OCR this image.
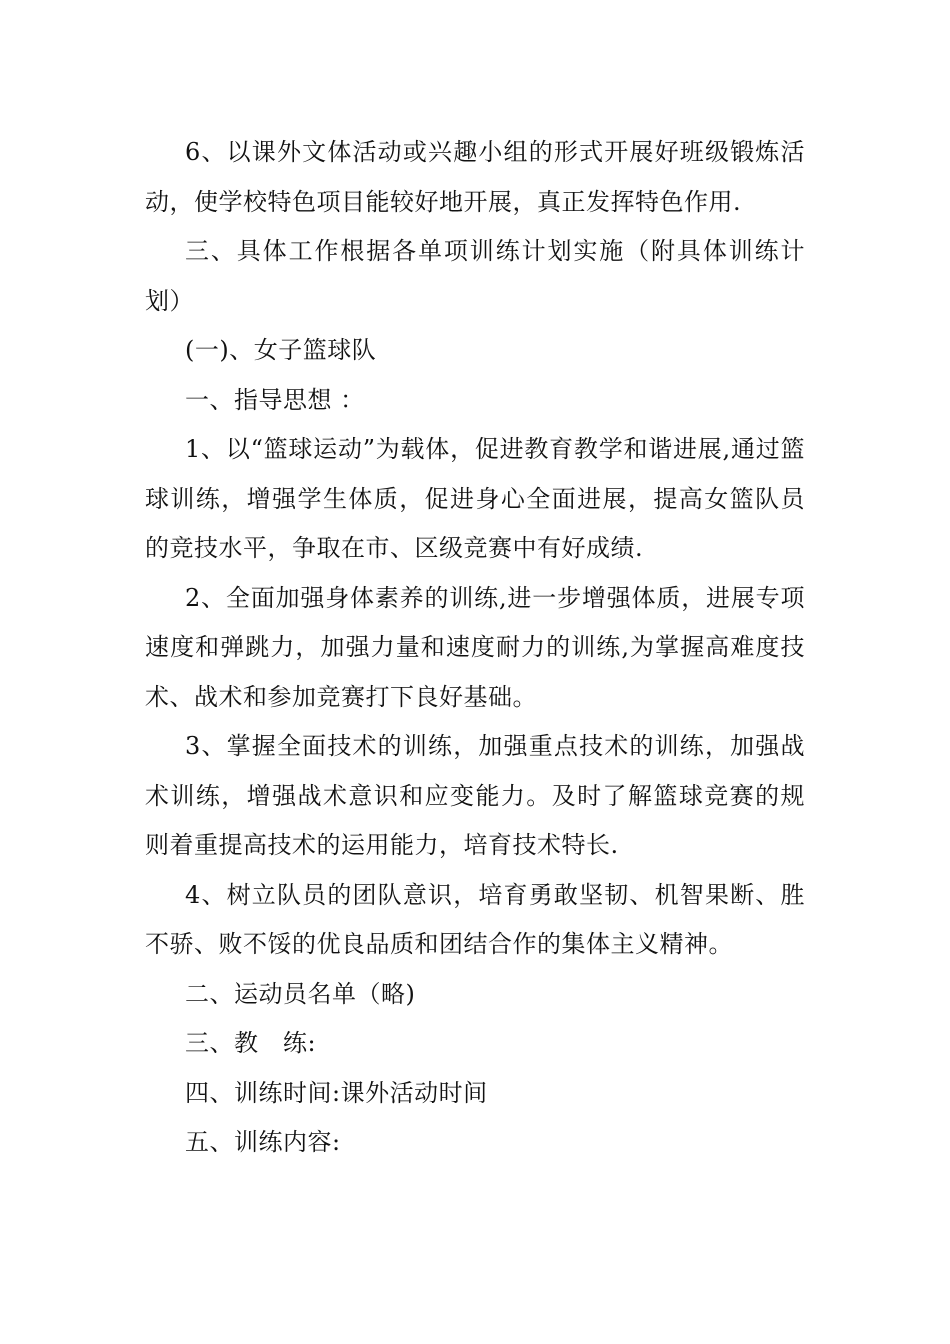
6、以课外文体活动或兴趣小组的形式开展好班级锻炼活动，使学校特色项目能较好地开展，真正发挥特色作用.

三、具体工作根据各单项训练计划实施（附具体训练计划）

(一)、女子篮球队

一、指导思想 ：

1、以“篮球运动”为载体，促进教育教学和谐进展,通过篮球训练，增强学生体质，促进身心全面进展，提高女篮队员的竞技水平，争取在市、区级竞赛中有好成绩.

2、全面加强身体素养的训练,进一步增强体质，进展专项速度和弹跳力，加强力量和速度耐力的训练,为掌握高难度技术、战术和参加竞赛打下良好基础。

3、掌握全面技术的训练，加强重点技术的训练，加强战术训练，增强战术意识和应变能力。及时了解篮球竞赛的规则着重提高技术的运用能力，培育技术特长.

4、树立队员的团队意识，培育勇敢坚韧、机智果断、胜不骄、败不馁的优良品质和团结合作的集体主义精神。

二、运动员名单（略)

三、教　练:

四、训练时间:课外活动时间

五、训练内容:
